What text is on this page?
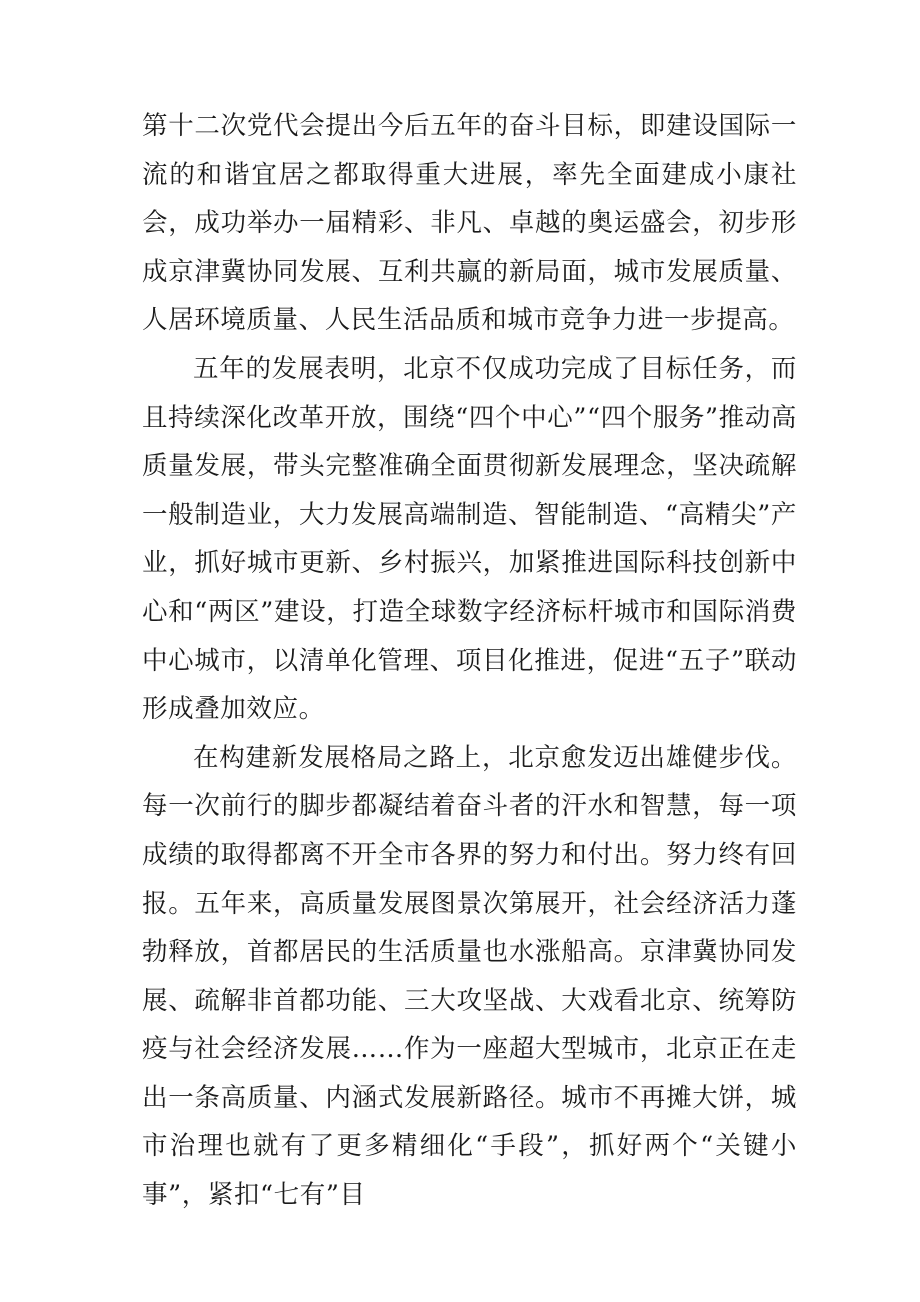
第十二次党代会提出今后五年的奋斗目标，即建设国际一流的和谐宜居之都取得重大进展，率先全面建成小康社会，成功举办一届精彩、非凡、卓越的奥运盛会，初步形成京津冀协同发展、互利共赢的新局面，城市发展质量、人居环境质量、人民生活品质和城市竞争力进一步提高。

五年的发展表明，北京不仅成功完成了目标任务，而且持续深化改革开放，围绕“四个中心”“四个服务”推动高质量发展，带头完整准确全面贯彻新发展理念，坚决疏解一般制造业，大力发展高端制造、智能制造、“高精尖”产业，抓好城市更新、乡村振兴，加紧推进国际科技创新中心和“两区”建设，打造全球数字经济标杆城市和国际消费中心城市，以清单化管理、项目化推进，促进“五子”联动形成叠加效应。

在构建新发展格局之路上，北京愈发迈出雄健步伐。每一次前行的脚步都凝结着奋斗者的汗水和智慧，每一项成绩的取得都离不开全市各界的努力和付出。努力终有回报。五年来，高质量发展图景次第展开，社会经济活力蓬勃释放，首都居民的生活质量也水涨船高。京津冀协同发展、疏解非首都功能、三大攻坚战、大戏看北京、统筹防疫与社会经济发展……作为一座超大型城市，北京正在走出一条高质量、内涵式发展新路径。城市不再摊大饼，城市治理也就有了更多精细化“手段”，抓好两个“关键小事”，紧扣“七有”目
